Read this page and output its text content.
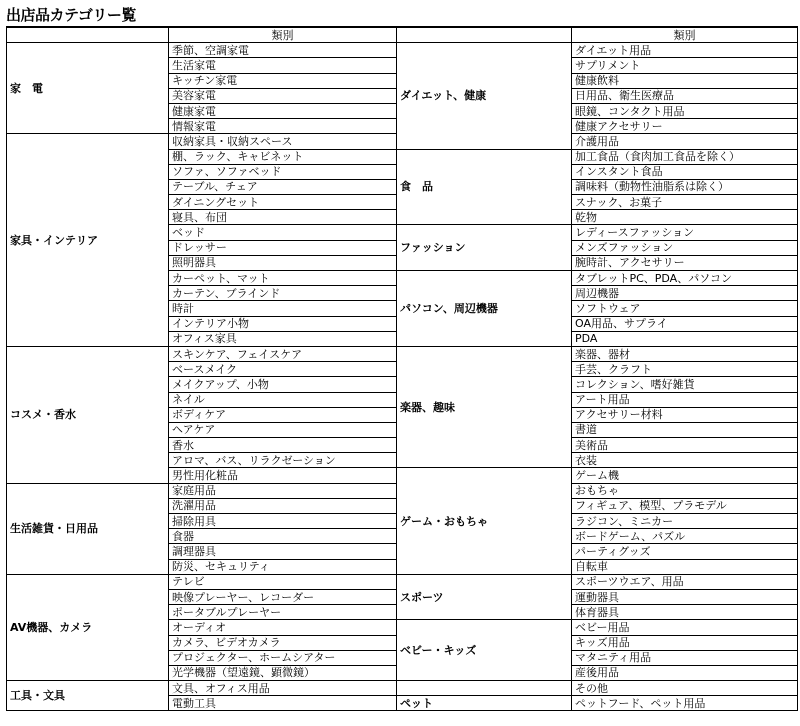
出店品カテゴリー覧
	類別
家　電	季節、空調家電
	生活家電
	キッチン家電
	美容家電
	健康家電
	情報家電
家具・インテリア	収納家具・収納スペース
	棚、ラック、キャビネット
	ソファ、ソファベッド
	テーブル、チェア
	ダイニングセット
	寝具、布団
	ベッド
	ドレッサー
	照明器具
	カーペット、マット
	カーテン、ブラインド
	時計
	インテリア小物
	オフィス家具
コスメ・香水	スキンケア、フェイスケア
	ベースメイク
	メイクアップ、小物
	ネイル
	ボディケア
	ヘアケア
	香水
	アロマ、バス、リラクゼーション
	男性用化粧品
生活雑貨・日用品	家庭用品
	洗濯用品
	掃除用具
	食器
	調理器具
	防災、セキュリティ
AV機器、カメラ	テレビ
	映像プレーヤー、レコーダー
	ポータブルプレーヤー
	オーディオ
	カメラ、ビデオカメラ
	プロジェクター、ホームシアター
	光学機器（望遠鏡、顕微鏡）
工具・文具	文具、オフィス用品
	電動工具
	類別
ダイエット、健康	ダイエット用品
	サプリメント
	健康飲料
	日用品、衛生医療品
	眼鏡、コンタクト用品
	健康アクセサリー
	介護用品
食　品	加工食品（食肉加工食品を除く）
	インスタント食品
	調味料（動物性油脂系は除く）
	スナック、お菓子
	乾物
ファッション	レディースファッション
	メンズファッション
	腕時計、アクセサリー
パソコン、周辺機器	タブレットPC、PDA、パソコン
	周辺機器
	ソフトウェア
	OA用品、サプライ
	PDA
楽器、趣味	楽器、器材
	手芸、クラフト
	コレクション、嗜好雑貨
	アート用品
	アクセサリー材料
	書道
	美術品
	衣装
ゲーム・おもちゃ	ゲーム機
	おもちゃ
	フィギュア、模型、プラモデル
	ラジコン、ミニカー
	ボードゲーム、パズル
	パーティグッズ
	自転車
スポーツ	スポーツウエア、用品
	運動器具
	体育器具
ベビー・キッズ	ベビー用品
	キッズ用品
	マタニティ用品
	産後用品
	その他
ペット	ペットフード、ペット用品
